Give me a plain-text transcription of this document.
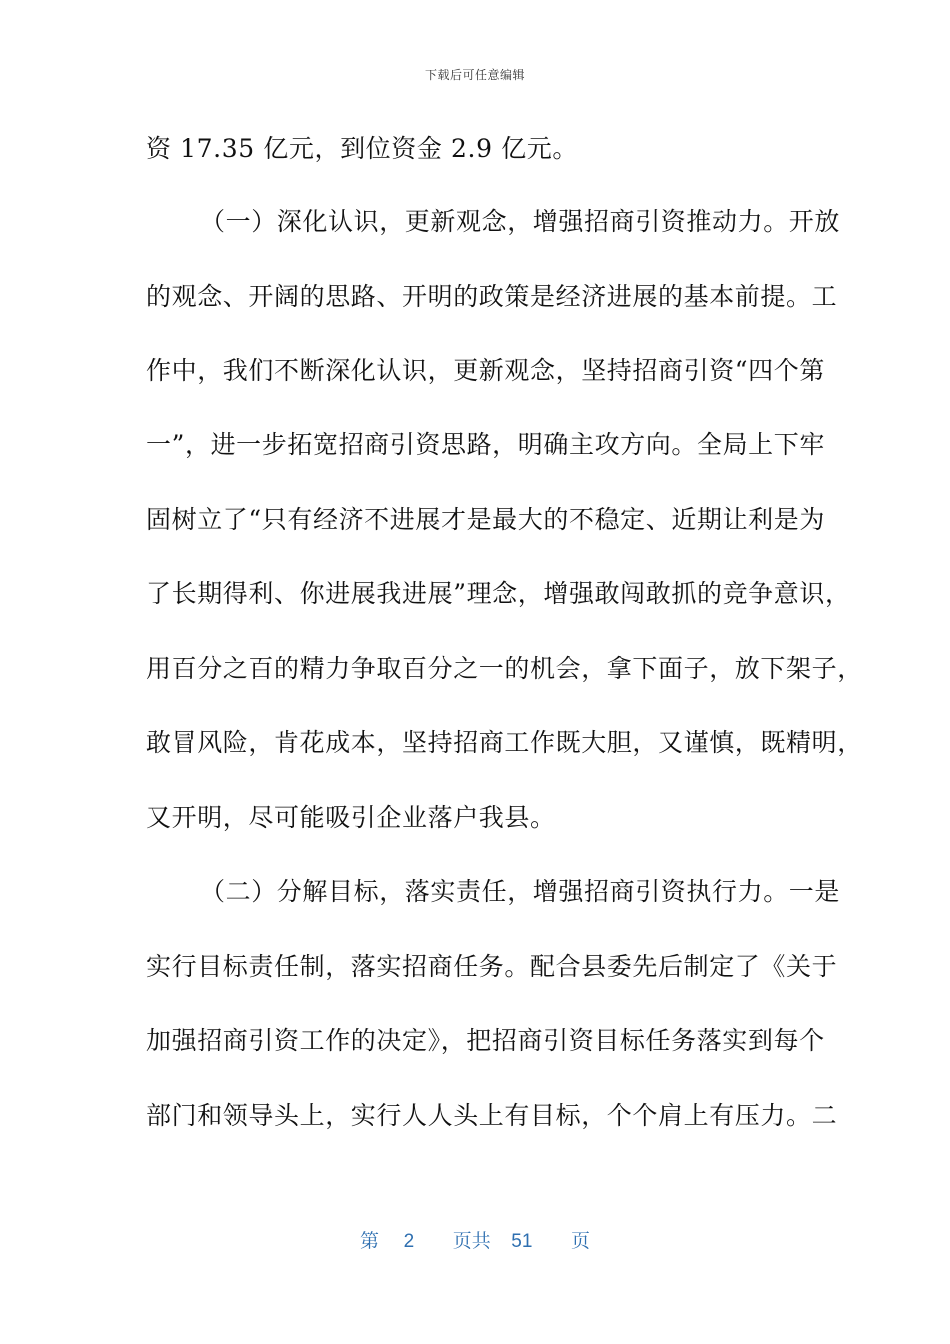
下载后可任意编辑
资 17.35 亿元，到位资金 2.9 亿元。
（一）深化认识，更新观念，增强招商引资推动力。开放
的观念、开阔的思路、开明的政策是经济进展的基本前提。工
作中，我们不断深化认识，更新观念，坚持招商引资“四个第
一”，进一步拓宽招商引资思路，明确主攻方向。全局上下牢
固树立了“只有经济不进展才是最大的不稳定、近期让利是为
了长期得利、你进展我进展”理念，增强敢闯敢抓的竞争意识，
用百分之百的精力争取百分之一的机会，拿下面子，放下架子，
敢冒风险，肯花成本，坚持招商工作既大胆，又谨慎，既精明，
又开明，尽可能吸引企业落户我县。
（二）分解目标，落实责任，增强招商引资执行力。一是
实行目标责任制，落实招商任务。配合县委先后制定了《关于
加强招商引资工作的决定》，把招商引资目标任务落实到每个
部门和领导头上，实行人人头上有目标，个个肩上有压力。二
第 2 页共 51 页
